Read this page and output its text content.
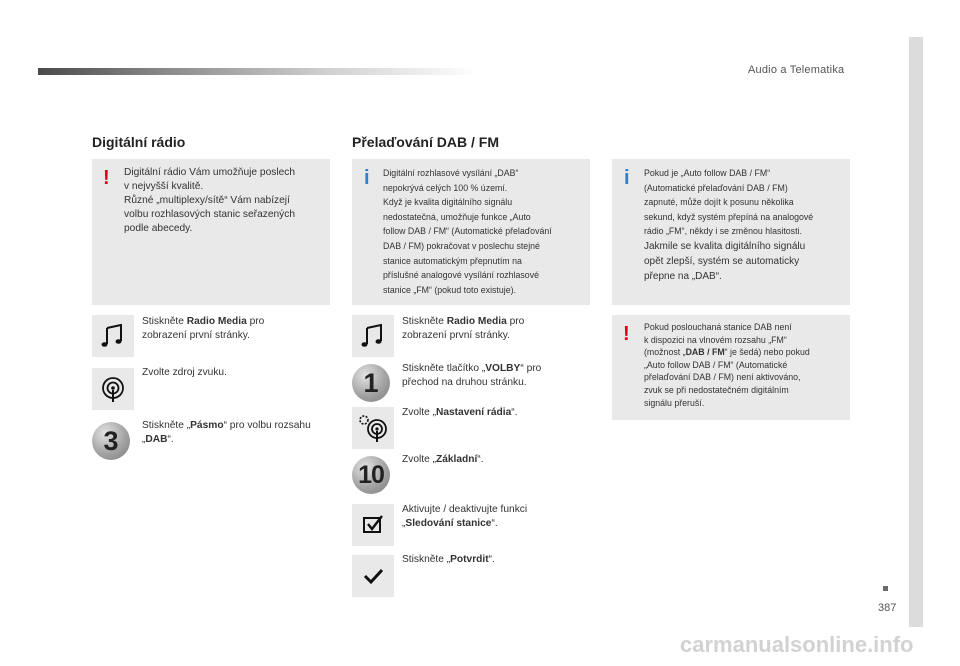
Audio a Telematika
387
Digitální rádio
! Digitální rádio Vám umožňuje poslech
v nejvyšší kvalitě.
Různé „multiplexy/sítě“ Vám nabízejí
volbu rozhlasových stanic seřazených
podle abecedy.
Stiskněte Radio Media pro
zobrazení první stránky.
Zvolte zdroj zvuku.
3
Stiskněte „Pásmo“ pro volbu rozsahu
„DAB“.
Přelaďování DAB / FM
i Digitální rozhlasové vysílání „DAB“
nepokrývá celých 100 % území.
Když je kvalita digitálního signálu
nedostatečná, umožňuje funkce „Auto
follow DAB / FM“ (Automatické přelaďování
DAB / FM) pokračovat v poslechu stejné
stanice automatickým přepnutím na
příslušné analogové vysílání rozhlasové
stanice „FM“ (pokud toto existuje).
Stiskněte Radio Media pro
zobrazení první stránky.
1	Stiskněte tlačítko „VOLBY“ pro
přechod na druhou stránku.
Zvolte „Nastavení rádia“.
10
Zvolte „Základní“.
Aktivujte / deaktivujte funkci
„Sledování stanice“.
Stiskněte „Potvrdit“.
i Pokud je „Auto follow DAB / FM“
(Automatické přelaďování DAB / FM)
zapnuté, může dojít k posunu několika
sekund, když systém přepíná na analogové
rádio „FM“, někdy i se změnou hlasitosti.
Jakmile se kvalita digitálního signálu
opět zlepší, systém se automaticky
přepne na „DAB“.
! Pokud poslouchaná stanice DAB není
k dispozici na vlnovém rozsahu „FM“
(možnost „DAB / FM“ je šedá) nebo pokud
„Auto follow DAB / FM“ (Automatické
přelaďování DAB / FM) není aktivováno,
zvuk se při nedostatečném digitálním
signálu přeruší.
carmanualsonline.info
